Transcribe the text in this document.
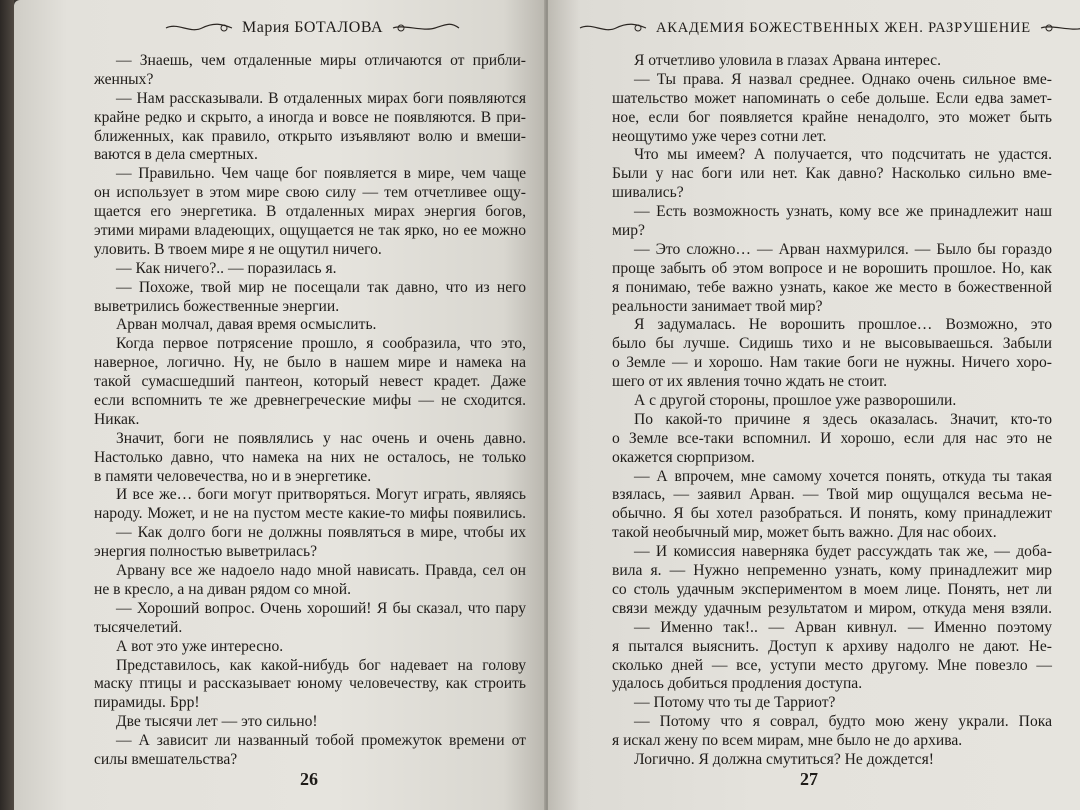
Мария БОТАЛОВА
— Знаешь, чем отдаленные миры отличаются от прибли-
женных?
— Нам рассказывали. В отдаленных мирах боги появляются
крайне редко и скрыто, а иногда и вовсе не появляются. В при-
ближенных, как правило, открыто изъявляют волю и вмеши-
ваются в дела смертных.
— Правильно. Чем чаще бог появляется в мире, чем чаще
он использует в этом мире свою силу — тем отчетливее ощу-
щается его энергетика. В отдаленных мирах энергия богов,
этими мирами владеющих, ощущается не так ярко, но ее можно
уловить. В твоем мире я не ощутил ничего.
— Как ничего?.. — поразилась я.
— Похоже, твой мир не посещали так давно, что из него
выветрились божественные энергии.
Арван молчал, давая время осмыслить.
Когда первое потрясение прошло, я сообразила, что это,
наверное, логично. Ну, не было в нашем мире и намека на
такой сумасшедший пантеон, который невест крадет. Даже
если вспомнить те же древнегреческие мифы — не сходится.
Никак.
Значит, боги не появлялись у нас очень и очень давно.
Настолько давно, что намека на них не осталось, не только
в памяти человечества, но и в энергетике.
И все же… боги могут притворяться. Могут играть, являясь
народу. Может, и не на пустом месте какие-то мифы появились.
— Как долго боги не должны появляться в мире, чтобы их
энергия полностью выветрилась?
Арвану все же надоело надо мной нависать. Правда, сел он
не в кресло, а на диван рядом со мной.
— Хороший вопрос. Очень хороший! Я бы сказал, что пару
тысячелетий.
А вот это уже интересно.
Представилось, как какой-нибудь бог надевает на голову
маску птицы и рассказывает юному человечеству, как строить
пирамиды. Брр!
Две тысячи лет — это сильно!
— А зависит ли названный тобой промежуток времени от
силы вмешательства?
26
АКАДЕМИЯ БОЖЕСТВЕННЫХ ЖЕН. РАЗРУШЕНИЕ
Я отчетливо уловила в глазах Арвана интерес.
— Ты права. Я назвал среднее. Однако очень сильное вме-
шательство может напоминать о себе дольше. Если едва замет-
ное, если бог появляется крайне ненадолго, это может быть
неощутимо уже через сотни лет.
Что мы имеем? А получается, что подсчитать не удастся.
Были у нас боги или нет. Как давно? Насколько сильно вме-
шивались?
— Есть возможность узнать, кому все же принадлежит наш
мир?
— Это сложно… — Арван нахмурился. — Было бы гораздо
проще забыть об этом вопросе и не ворошить прошлое. Но, как
я понимаю, тебе важно узнать, какое же место в божественной
реальности занимает твой мир?
Я задумалась. Не ворошить прошлое… Возможно, это
было бы лучше. Сидишь тихо и не высовываешься. Забыли
о Земле — и хорошо. Нам такие боги не нужны. Ничего хоро-
шего от их явления точно ждать не стоит.
А с другой стороны, прошлое уже разворошили.
По какой-то причине я здесь оказалась. Значит, кто-то
о Земле все-таки вспомнил. И хорошо, если для нас это не
окажется сюрпризом.
— А впрочем, мне самому хочется понять, откуда ты такая
взялась, — заявил Арван. — Твой мир ощущался весьма не-
обычно. Я бы хотел разобраться. И понять, кому принадлежит
такой необычный мир, может быть важно. Для нас обоих.
— И комиссия наверняка будет рассуждать так же, — доба-
вила я. — Нужно непременно узнать, кому принадлежит мир
со столь удачным экспериментом в моем лице. Понять, нет ли
связи между удачным результатом и миром, откуда меня взяли.
— Именно так!.. — Арван кивнул. — Именно поэтому
я пытался выяснить. Доступ к архиву надолго не дают. Не-
сколько дней — все, уступи место другому. Мне повезло —
удалось добиться продления доступа.
— Потому что ты де Тарриот?
— Потому что я соврал, будто мою жену украли. Пока
я искал жену по всем мирам, мне было не до архива.
Логично. Я должна смутиться? Не дождется!
27
